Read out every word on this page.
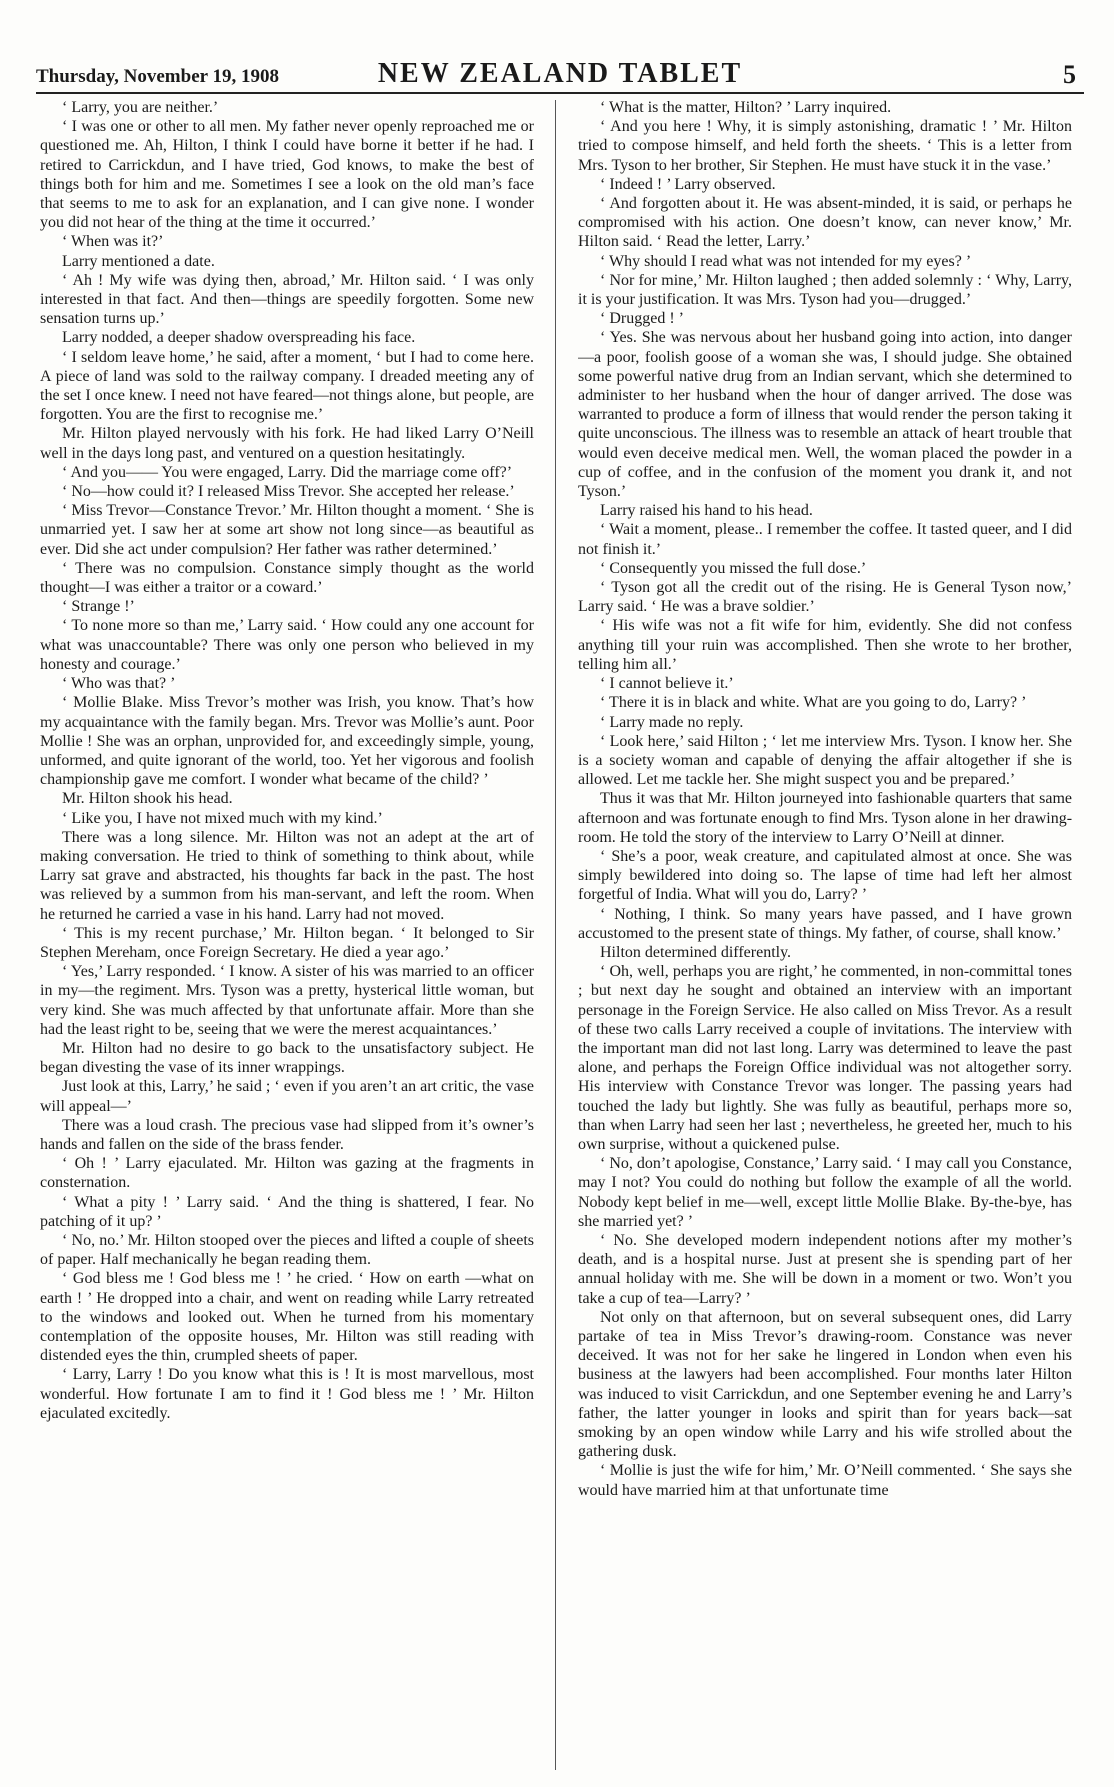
Thursday, November 19, 1908	NEW ZEALAND TABLET	5

‘ Larry, you are neither.’

‘ I was one or other to all men. My father never openly reproached me or questioned me. Ah, Hilton, I think I could have borne it better if he had. I retired to Carrickdun, and I have tried, God knows, to make the best of things both for him and me. Sometimes I see a look on the old man’s face that seems to me to ask for an explanation, and I can give none. I wonder you did not hear of the thing at the time it occurred.’

‘ When was it?’

Larry mentioned a date.

‘ Ah ! My wife was dying then, abroad,’ Mr. Hilton said. ‘ I was only interested in that fact. And then—things are speedily forgotten. Some new sensation turns up.’

Larry nodded, a deeper shadow overspreading his face.

‘ I seldom leave home,’ he said, after a moment, ‘ but I had to come here. A piece of land was sold to the railway company. I dreaded meeting any of the set I once knew. I need not have feared—not things alone, but people, are forgotten. You are the first to recognise me.’

Mr. Hilton played nervously with his fork. He had liked Larry O’Neill well in the days long past, and ventured on a question hesitatingly.

‘ And you—— You were engaged, Larry. Did the marriage come off?’

‘ No—how could it? I released Miss Trevor. She accepted her release.’

‘ Miss Trevor—Constance Trevor.’ Mr. Hilton thought a moment. ‘ She is unmarried yet. I saw her at some art show not long since—as beautiful as ever. Did she act under compulsion? Her father was rather determined.’

‘ There was no compulsion. Constance simply thought as the world thought—I was either a traitor or a coward.’

‘ Strange !’

‘ To none more so than me,’ Larry said. ‘ How could any one account for what was unaccountable? There was only one person who believed in my honesty and courage.’

‘ Who was that? ’

‘ Mollie Blake. Miss Trevor’s mother was Irish, you know. That’s how my acquaintance with the family began. Mrs. Trevor was Mollie’s aunt. Poor Mollie ! She was an orphan, unprovided for, and exceedingly simple, young, unformed, and quite ignorant of the world, too. Yet her vigorous and foolish championship gave me comfort. I wonder what became of the child? ’

Mr. Hilton shook his head.

‘ Like you, I have not mixed much with my kind.’

There was a long silence. Mr. Hilton was not an adept at the art of making conversation. He tried to think of something to think about, while Larry sat grave and abstracted, his thoughts far back in the past. The host was relieved by a summon from his man-servant, and left the room. When he returned he carried a vase in his hand. Larry had not moved.

‘ This is my recent purchase,’ Mr. Hilton began. ‘ It belonged to Sir Stephen Mereham, once Foreign Secretary. He died a year ago.’

‘ Yes,’ Larry responded. ‘ I know. A sister of his was married to an officer in my—the regiment. Mrs. Tyson was a pretty, hysterical little woman, but very kind. She was much affected by that unfortunate affair. More than she had the least right to be, seeing that we were the merest acquaintances.’

Mr. Hilton had no desire to go back to the unsatisfactory subject. He began divesting the vase of its inner wrappings.

Just look at this, Larry,’ he said ; ‘ even if you aren’t an art critic, the vase will appeal—’

There was a loud crash. The precious vase had slipped from it’s owner’s hands and fallen on the side of the brass fender.

‘ Oh ! ’ Larry ejaculated. Mr. Hilton was gazing at the fragments in consternation.

‘ What a pity ! ’ Larry said. ‘ And the thing is shattered, I fear. No patching of it up? ’

‘ No, no.’ Mr. Hilton stooped over the pieces and lifted a couple of sheets of paper. Half mechanically he began reading them.

‘ God bless me ! God bless me ! ’ he cried. ‘ How on earth —what on earth ! ’ He dropped into a chair, and went on reading while Larry retreated to the windows and looked out. When he turned from his momentary contemplation of the opposite houses, Mr. Hilton was still reading with distended eyes the thin, crumpled sheets of paper.

‘ Larry, Larry ! Do you know what this is ! It is most marvellous, most wonderful. How fortunate I am to find it ! God bless me ! ’ Mr. Hilton ejaculated excitedly.

‘ What is the matter, Hilton? ’ Larry inquired.

‘ And you here ! Why, it is simply astonishing, dramatic ! ’ Mr. Hilton tried to compose himself, and held forth the sheets. ‘ This is a letter from Mrs. Tyson to her brother, Sir Stephen. He must have stuck it in the vase.’

‘ Indeed ! ’ Larry observed.

‘ And forgotten about it. He was absent-minded, it is said, or perhaps he compromised with his action. One doesn’t know, can never know,’ Mr. Hilton said. ‘ Read the letter, Larry.’

‘ Why should I read what was not intended for my eyes? ’

‘ Nor for mine,’ Mr. Hilton laughed ; then added solemnly : ‘ Why, Larry, it is your justification. It was Mrs. Tyson had you—drugged.’

‘ Drugged ! ’

‘ Yes. She was nervous about her husband going into action, into danger—a poor, foolish goose of a woman she was, I should judge. She obtained some powerful native drug from an Indian servant, which she determined to administer to her husband when the hour of danger arrived. The dose was warranted to produce a form of illness that would render the person taking it quite unconscious. The illness was to resemble an attack of heart trouble that would even deceive medical men. Well, the woman placed the powder in a cup of coffee, and in the confusion of the moment you drank it, and not Tyson.’

Larry raised his hand to his head.

‘ Wait a moment, please.. I remember the coffee. It tasted queer, and I did not finish it.’

‘ Consequently you missed the full dose.’

‘ Tyson got all the credit out of the rising. He is General Tyson now,’ Larry said. ‘ He was a brave soldier.’

‘ His wife was not a fit wife for him, evidently. She did not confess anything till your ruin was accomplished. Then she wrote to her brother, telling him all.’

‘ I cannot believe it.’

‘ There it is in black and white. What are you going to do, Larry? ’

‘ Larry made no reply.

‘ Look here,’ said Hilton ; ‘ let me interview Mrs. Tyson. I know her. She is a society woman and capable of denying the affair altogether if she is allowed. Let me tackle her. She might suspect you and be prepared.’

Thus it was that Mr. Hilton journeyed into fashionable quarters that same afternoon and was fortunate enough to find Mrs. Tyson alone in her drawing-room. He told the story of the interview to Larry O’Neill at dinner.

‘ She’s a poor, weak creature, and capitulated almost at once. She was simply bewildered into doing so. The lapse of time had left her almost forgetful of India. What will you do, Larry? ’

‘ Nothing, I think. So many years have passed, and I have grown accustomed to the present state of things. My father, of course, shall know.’

Hilton determined differently.

‘ Oh, well, perhaps you are right,’ he commented, in non-committal tones ; but next day he sought and obtained an interview with an important personage in the Foreign Service. He also called on Miss Trevor. As a result of these two calls Larry received a couple of invitations. The interview with the important man did not last long. Larry was determined to leave the past alone, and perhaps the Foreign Office individual was not altogether sorry. His interview with Constance Trevor was longer. The passing years had touched the lady but lightly. She was fully as beautiful, perhaps more so, than when Larry had seen her last ; nevertheless, he greeted her, much to his own surprise, without a quickened pulse.

‘ No, don’t apologise, Constance,’ Larry said. ‘ I may call you Constance, may I not? You could do nothing but follow the example of all the world. Nobody kept belief in me—well, except little Mollie Blake. By-the-bye, has she married yet? ’

‘ No. She developed modern independent notions after my mother’s death, and is a hospital nurse. Just at present she is spending part of her annual holiday with me. She will be down in a moment or two. Won’t you take a cup of tea—Larry? ’

Not only on that afternoon, but on several subsequent ones, did Larry partake of tea in Miss Trevor’s drawing-room. Constance was never deceived. It was not for her sake he lingered in London when even his business at the lawyers had been accomplished. Four months later Hilton was induced to visit Carrickdun, and one September evening he and Larry’s father, the latter younger in looks and spirit than for years back—sat smoking by an open window while Larry and his wife strolled about the gathering dusk.

‘ Mollie is just the wife for him,’ Mr. O’Neill commented. ‘ She says she would have married him at that unfortunate time
